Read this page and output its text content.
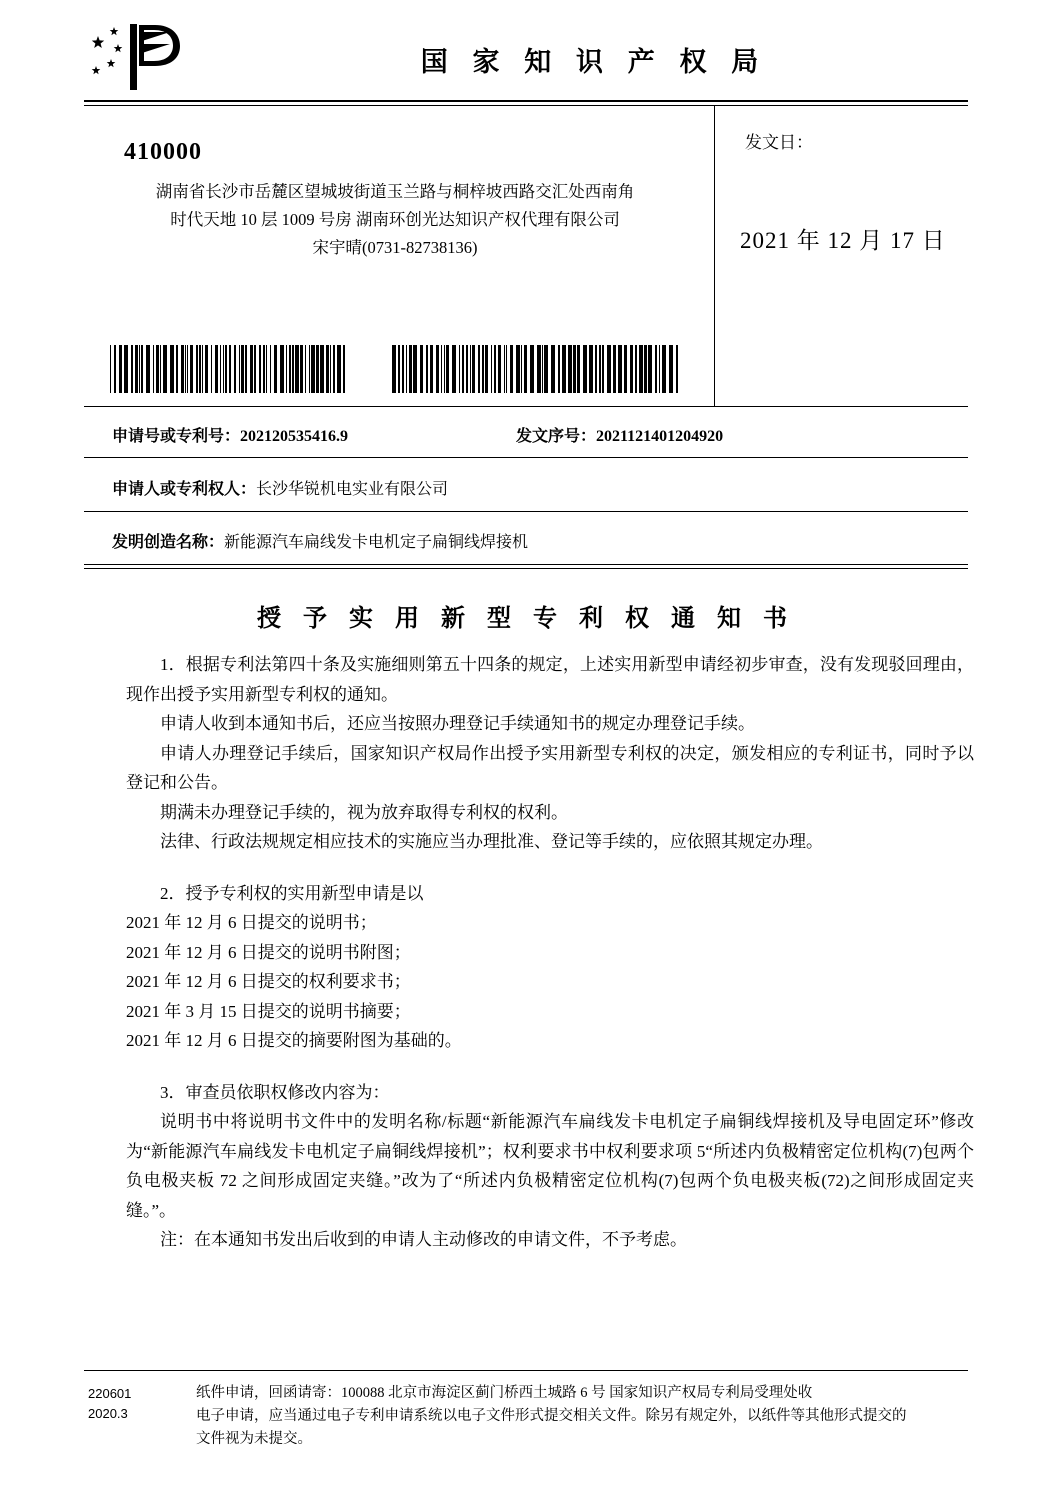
国 家 知 识 产 权 局
410000
湖南省长沙市岳麓区望城坡街道玉兰路与桐梓坡西路交汇处西南角
时代天地 10 层 1009 号房 湖南环创光达知识产权代理有限公司
宋宇晴(0731-82738136)
发文日：
2021 年 12 月 17 日
申请号或专利号：202120535416.9	发文序号：2021121401204920
申请人或专利权人：长沙华锐机电实业有限公司
发明创造名称：新能源汽车扁线发卡电机定子扁铜线焊接机
授 予 实 用 新 型 专 利 权 通 知 书

1．根据专利法第四十条及实施细则第五十四条的规定，上述实用新型申请经初步审查，没有发现驳回理由，现作出授予实用新型专利权的通知。

申请人收到本通知书后，还应当按照办理登记手续通知书的规定办理登记手续。

申请人办理登记手续后，国家知识产权局作出授予实用新型专利权的决定，颁发相应的专利证书，同时予以登记和公告。

期满未办理登记手续的，视为放弃取得专利权的权利。

法律、行政法规规定相应技术的实施应当办理批准、登记等手续的，应依照其规定办理。

2．授予专利权的实用新型申请是以

2021 年 12 月 6 日提交的说明书；

2021 年 12 月 6 日提交的说明书附图；

2021 年 12 月 6 日提交的权利要求书；

2021 年 3 月 15 日提交的说明书摘要；

2021 年 12 月 6 日提交的摘要附图为基础的。

3．审查员依职权修改内容为：

说明书中将说明书文件中的发明名称/标题“新能源汽车扁线发卡电机定子扁铜线焊接机及导电固定环”修改为“新能源汽车扁线发卡电机定子扁铜线焊接机”；权利要求书中权利要求项 5“所述内负极精密定位机构(7)包两个负电极夹板 72 之间形成固定夹缝。”改为了“所述内负极精密定位机构(7)包两个负电极夹板(72)之间形成固定夹缝。”。

注：在本通知书发出后收到的申请人主动修改的申请文件，不予考虑。

220601
2020.3

纸件申请，回函请寄：100088 北京市海淀区蓟门桥西土城路 6 号 国家知识产权局专利局受理处收

电子申请，应当通过电子专利申请系统以电子文件形式提交相关文件。除另有规定外，以纸件等其他形式提交的

文件视为未提交。
